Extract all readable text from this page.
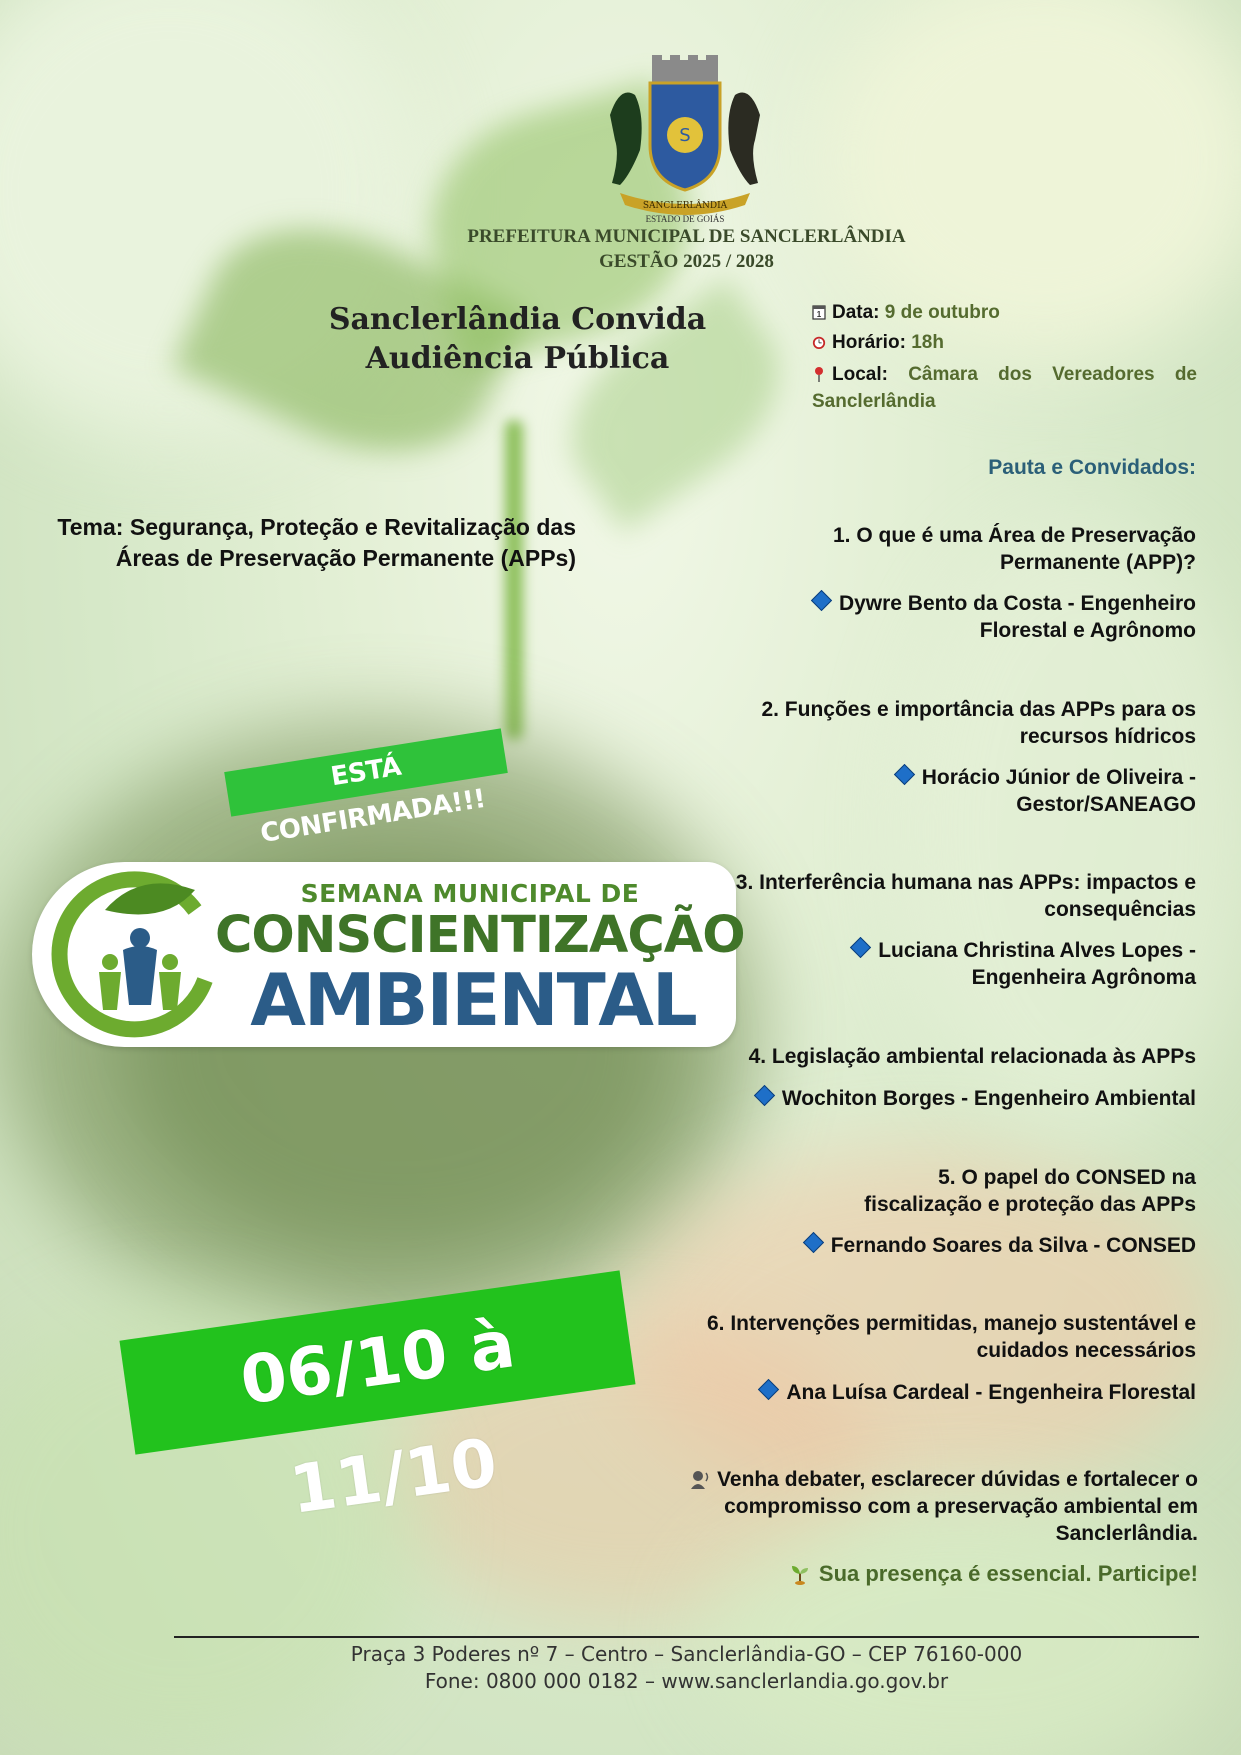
S
SANCLERLÂNDIA
ESTADO DE GOIÁS
PREFEITURA MUNICIPAL DE SANCLERLÂNDIA
GESTÃO 2025 / 2028
Sanclerlândia Convida
Audiência Pública
1 Data: 9 de outubro
Horário: 18h
Local: Câmara dos Vereadores de Sanclerlândia
Pauta e Convidados:
Tema: Segurança, Proteção e Revitalização das Áreas de Preservação Permanente (APPs)
1. O que é uma Área de Preservação Permanente (APP)?
Dywre Bento da Costa - Engenheiro Florestal e Agrônomo
2. Funções e importância das APPs para os recursos hídricos
Horácio Júnior de Oliveira - Gestor/SANEAGO
3. Interferência humana nas APPs: impactos e consequências
Luciana Christina Alves Lopes - Engenheira Agrônoma
4. Legislação ambiental relacionada às APPs
Wochiton Borges - Engenheiro Ambiental
5. O papel do CONSED na fiscalização e proteção das APPs
Fernando Soares da Silva - CONSED
6. Intervenções permitidas, manejo sustentável e cuidados necessários
Ana Luísa Cardeal - Engenheira Florestal
ESTÁ CONFIRMADA!!!
SEMANA MUNICIPAL DE
CONSCIENTIZAÇÃO
AMBIENTAL
06/10 à 11/10	Venha debater, esclarecer dúvidas e fortalecer o compromisso com a preservação ambiental em Sanclerlândia.
Sua presença é essencial. Participe!
Praça 3 Poderes nº 7 – Centro – Sanclerlândia-GO – CEP 76160-000
Fone: 0800 000 0182 – www.sanclerlandia.go.gov.br
